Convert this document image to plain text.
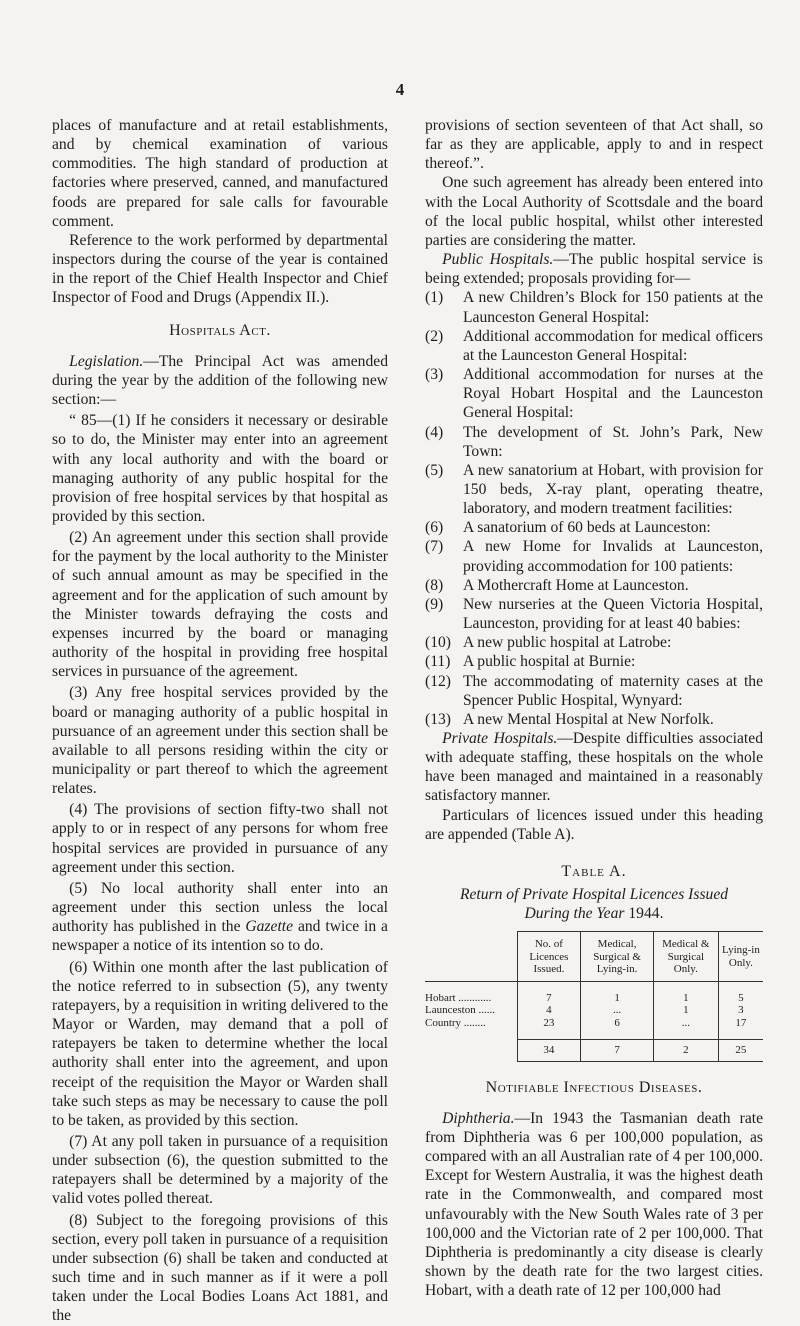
4

places of manufacture and at retail establishments, and by chemical examination of various commodities. The high standard of production at factories where preserved, canned, and manufactured foods are prepared for sale calls for favourable comment.

Reference to the work performed by departmental inspectors during the course of the year is contained in the report of the Chief Health Inspector and Chief Inspector of Food and Drugs (Appendix II.).

Hospitals Act.

Legislation.—The Principal Act was amended during the year by the addition of the following new section:—

“ 85—(1) If he considers it necessary or desirable so to do, the Minister may enter into an agreement with any local authority and with the board or managing authority of any public hospital for the provision of free hospital services by that hospital as provided by this section.

(2) An agreement under this section shall provide for the payment by the local authority to the Minister of such annual amount as may be specified in the agreement and for the application of such amount by the Minister towards defraying the costs and expenses incurred by the board or managing authority of the hospital in providing free hospital services in pursuance of the agreement.

(3) Any free hospital services provided by the board or managing authority of a public hospital in pursuance of an agreement under this section shall be available to all persons residing within the city or municipality or part thereof to which the agreement relates.

(4) The provisions of section fifty-two shall not apply to or in respect of any persons for whom free hospital services are provided in pursuance of any agreement under this section.

(5) No local authority shall enter into an agreement under this section unless the local authority has published in the Gazette and twice in a newspaper a notice of its intention so to do.

(6) Within one month after the last publication of the notice referred to in subsection (5), any twenty ratepayers, by a requisition in writing delivered to the Mayor or Warden, may demand that a poll of ratepayers be taken to determine whether the local authority shall enter into the agreement, and upon receipt of the requisition the Mayor or Warden shall take such steps as may be necessary to cause the poll to be taken, as provided by this section.

(7) At any poll taken in pursuance of a requisition under subsection (6), the question submitted to the ratepayers shall be determined by a majority of the valid votes polled thereat.

(8) Subject to the foregoing provisions of this section, every poll taken in pursuance of a requisition under subsection (6) shall be taken and conducted at such time and in such manner as if it were a poll taken under the Local Bodies Loans Act 1881, and the

provisions of section seventeen of that Act shall, so far as they are applicable, apply to and in respect thereof.”.

One such agreement has already been entered into with the Local Authority of Scottsdale and the board of the local public hospital, whilst other interested parties are considering the matter.

Public Hospitals.—The public hospital service is being extended; proposals providing for—

(1)	A new Children’s Block for 150 patients at the Launceston General Hospital:
(2)	Additional accommodation for medical officers at the Launceston General Hospital:
(3)	Additional accommodation for nurses at the Royal Hobart Hospital and the Launceston General Hospital:
(4)	The development of St. John’s Park, New Town:
(5)	A new sanatorium at Hobart, with provision for 150 beds, X-ray plant, operating theatre, laboratory, and modern treatment facilities:
(6)	A sanatorium of 60 beds at Launceston:
(7)	A new Home for Invalids at Launceston, providing accommodation for 100 patients:
(8)	A Mothercraft Home at Launceston.
(9)	New nurseries at the Queen Victoria Hospital, Launceston, providing for at least 40 babies:
(10) A new public hospital at Latrobe:
(11) A public hospital at Burnie:
(12) The accommodating of maternity cases at the Spencer Public Hospital, Wynyard:
(13) A new Mental Hospital at New Norfolk.

Private Hospitals.—Despite difficulties associated with adequate staffing, these hospitals on the whole have been managed and maintained in a reasonably satisfactory manner.

Particulars of licences issued under this heading are appended (Table A).

Table A.
Return of Private Hospital Licences Issued
During the Year 1944.
	No. of Licences Issued.	Medical, Surgical & Lying-in.	Medical & Surgical Only.	Lying-in Only.
Hobart ............	7	1	1	5
Launceston ......	4	...	1	3
Country ........	23	6	...	17
	34	7	2	25
Notifiable Infectious Diseases.

Diphtheria.—In 1943 the Tasmanian death rate from Diphtheria was 6 per 100,000 population, as compared with an all Australian rate of 4 per 100,000. Except for Western Australia, it was the highest death rate in the Commonwealth, and compared most unfavourably with the New South Wales rate of 3 per 100,000 and the Victorian rate of 2 per 100,000. That Diphtheria is predominantly a city disease is clearly shown by the death rate for the two largest cities. Hobart, with a death rate of 12 per 100,000 had
